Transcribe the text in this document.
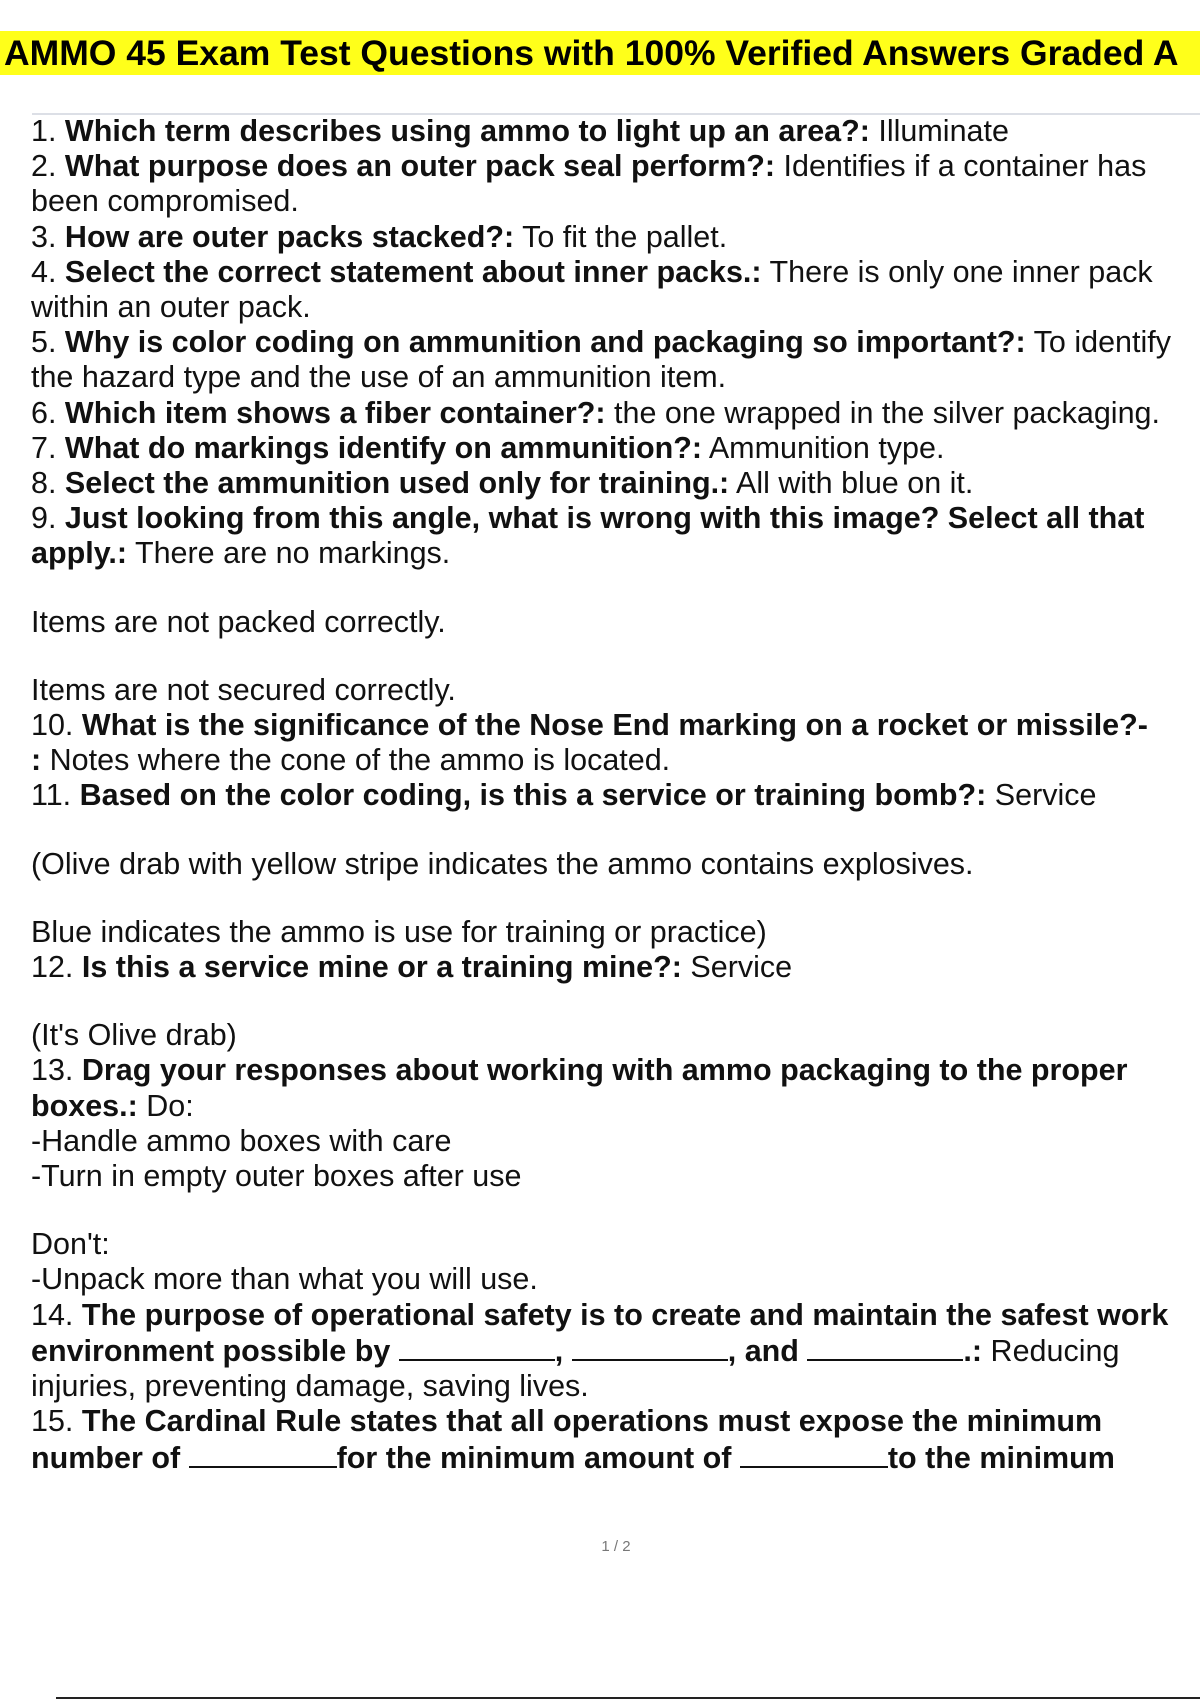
AMMO 45 Exam Test Questions with 100% Verified Answers Graded A
1. Which term describes using ammo to light up an area?: Illuminate
2. What purpose does an outer pack seal perform?: Identifies if a container has
been compromised.
3. How are outer packs stacked?: To fit the pallet.
4. Select the correct statement about inner packs.: There is only one inner pack
within an outer pack.
5. Why is color coding on ammunition and packaging so important?: To identify
the hazard type and the use of an ammunition item.
6. Which item shows a fiber container?: the one wrapped in the silver packaging.
7. What do markings identify on ammunition?: Ammunition type.
8. Select the ammunition used only for training.: All with blue on it.
9. Just looking from this angle, what is wrong with this image? Select all that
apply.: There are no markings.
Items are not packed correctly.
Items are not secured correctly.
10. What is the significance of the Nose End marking on a rocket or missile?-
: Notes where the cone of the ammo is located.
11. Based on the color coding, is this a service or training bomb?: Service
(Olive drab with yellow stripe indicates the ammo contains explosives.
Blue indicates the ammo is use for training or practice)
12. Is this a service mine or a training mine?: Service
(It's Olive drab)
13. Drag your responses about working with ammo packaging to the proper
boxes.: Do:
-Handle ammo boxes with care
-Turn in empty outer boxes after use
Don't:
-Unpack more than what you will use.
14. The purpose of operational safety is to create and maintain the safest work
environment possible by	,	, and	.: Reducing
injuries, preventing damage, saving lives.
15. The Cardinal Rule states that all operations must expose the minimum
number of	for the minimum amount of	to the minimum
1 / 2
